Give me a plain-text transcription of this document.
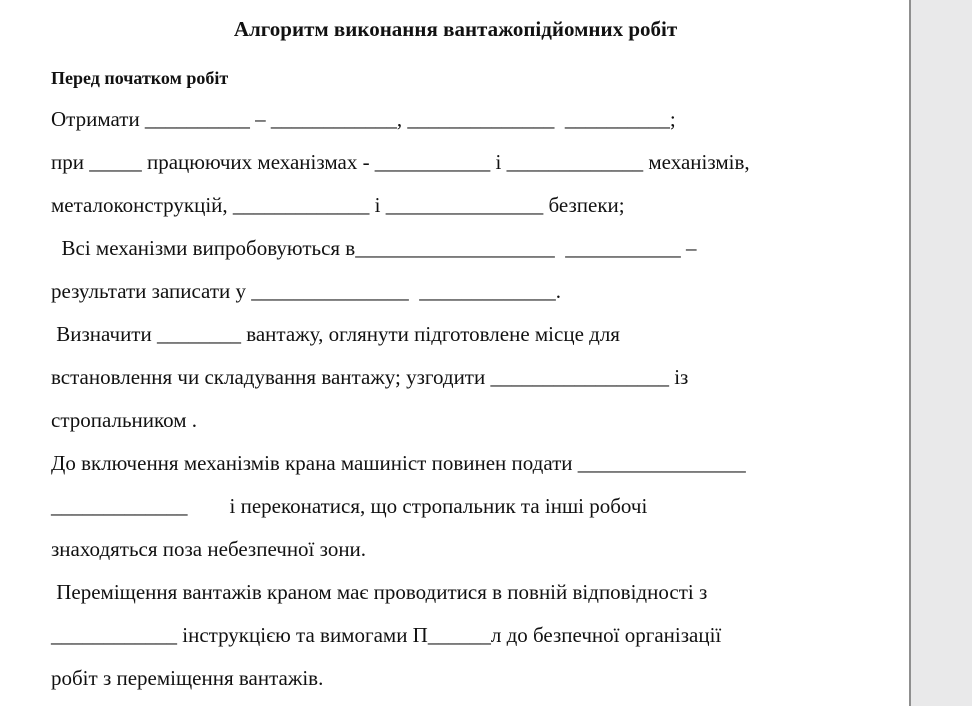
Алгоритм виконання вантажопідйомних робіт
Перед початком робіт
Отримати __________ – ____________, ______________  __________;
при _____ працюючих механізмах - ___________ і _____________ механізмів,
металоконструкцій, _____________ і _______________ безпеки;
Всі механізми випробовуються в___________________  ___________ –
результати записати у _______________  _____________.
Визначити ________ вантажу, оглянути підготовлене місце для
встановлення чи складування вантажу; узгодити _________________ із
стропальником .
До включення механізмів крана машиніст повинен подати ________________
_____________        і переконатися, що стропальник та інші робочі
знаходяться поза небезпечної зони.
Переміщення вантажів краном має проводитися в повній відповідності з
____________ інструкцією та вимогами П______л до безпечної організації
робіт з переміщення вантажів.
